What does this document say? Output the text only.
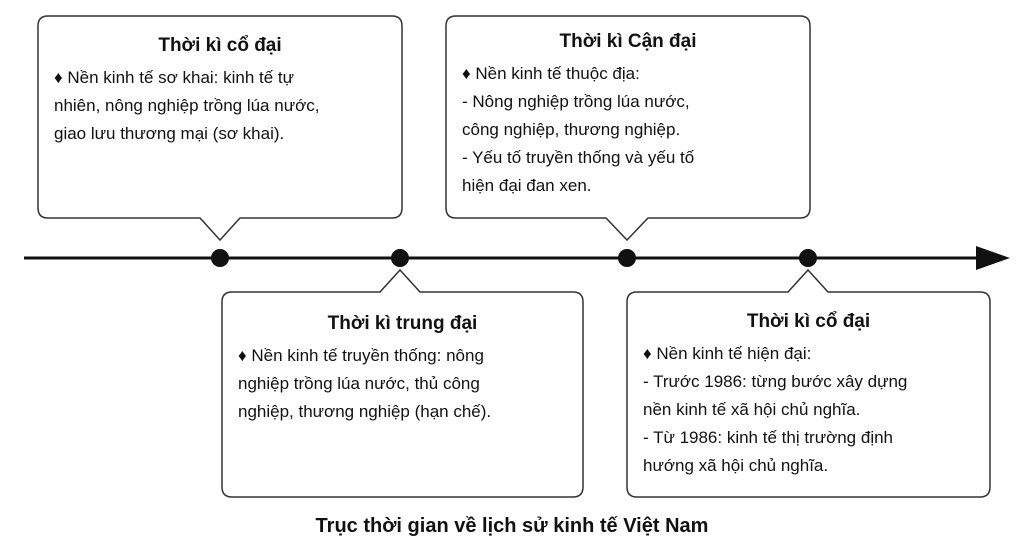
Thời kì cổ đại
♦ Nền kinh tế sơ khai: kinh tế tự
nhiên, nông nghiệp trồng lúa nước,
giao lưu thương mại (sơ khai).
Thời kì trung đại
♦ Nền kinh tế truyền thống: nông
nghiệp trồng lúa nước, thủ công
nghiệp, thương nghiệp (hạn chế).
Thời kì Cận đại
♦ Nền kinh tế thuộc địa:
- Nông nghiệp trồng lúa nước,
công nghiệp, thương nghiệp.
- Yếu tố truyền thống và yếu tố
hiện đại đan xen.
Thời kì cổ đại
♦ Nền kinh tế hiện đại:
- Trước 1986: từng bước xây dựng
nền kinh tế xã hội chủ nghĩa.
- Từ 1986: kinh tế thị trường định
hướng xã hội chủ nghĩa.
Trục thời gian về lịch sử kinh tế Việt Nam
